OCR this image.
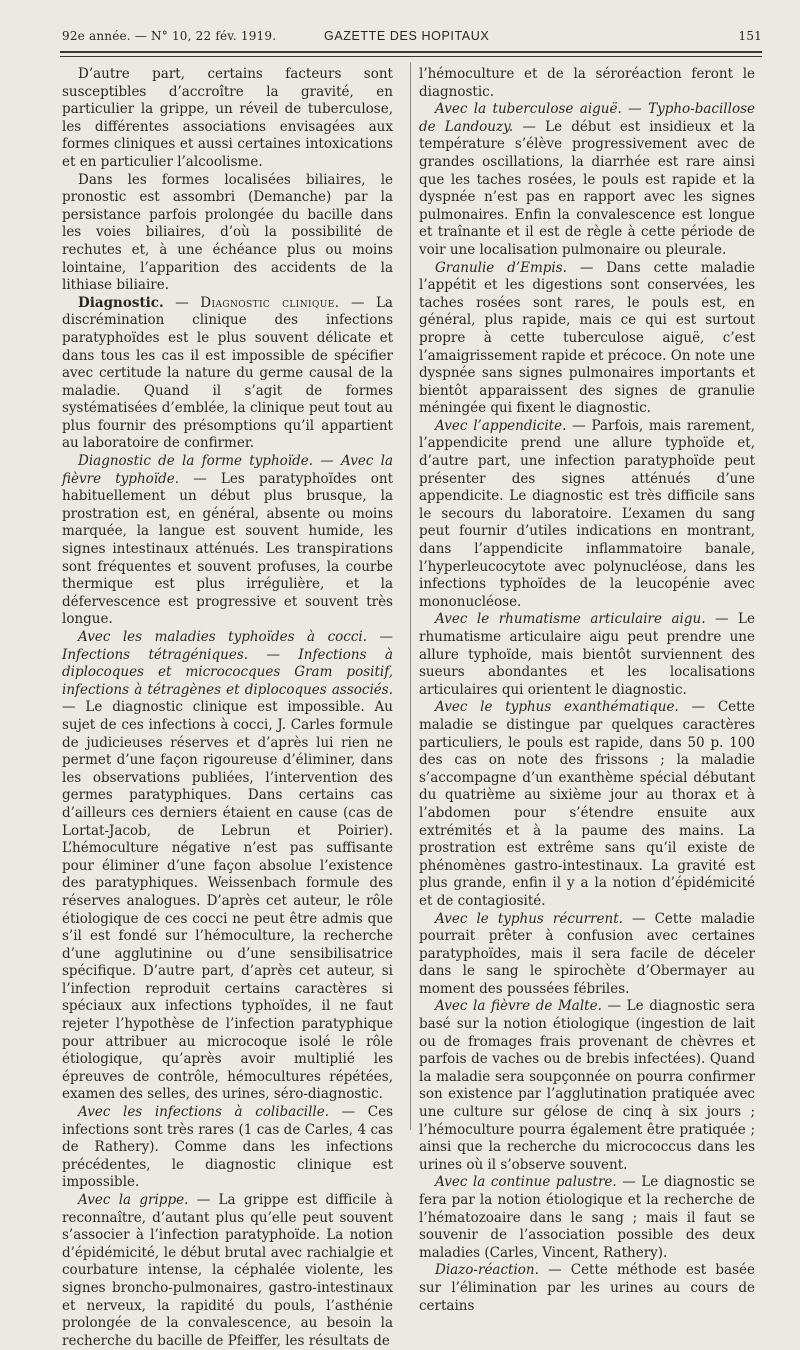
92e année. — N° 10, 22 fév. 1919.	GAZETTE DES HOPITAUX	151

D’autre part, certains facteurs sont susceptibles d’accroître la gravité, en particulier la grippe, un réveil de tuberculose, les différentes associations envisagées aux formes cliniques et aussi certaines intoxications et en particulier l’alcoolisme.

Dans les formes localisées biliaires, le pronostic est assombri (Demanche) par la persistance parfois prolongée du bacille dans les voies biliaires, d’où la possibilité de rechutes et, à une échéance plus ou moins lointaine, l’apparition des accidents de la lithiase biliaire.

Diagnostic. — Diagnostic clinique. — La discrémination clinique des infections paratyphoïdes est le plus souvent délicate et dans tous les cas il est impossible de spécifier avec certitude la nature du germe causal de la maladie. Quand il s’agit de formes systématisées d’emblée, la clinique peut tout au plus fournir des présomptions qu’il appartient au laboratoire de confirmer.

Diagnostic de la forme typhoïde. — Avec la fièvre typhoïde. — Les paratyphoïdes ont habituellement un début plus brusque, la prostration est, en général, absente ou moins marquée, la langue est souvent humide, les signes intestinaux atténués. Les transpirations sont fréquentes et souvent profuses, la courbe thermique est plus irrégulière, et la défervescence est progressive et souvent très longue.

Avec les maladies typhoïdes à cocci. — Infections tétragéniques. — Infections à diplocoques et micrococques Gram positif, infections à tétragènes et diplocoques associés. — Le diagnostic clinique est impossible. Au sujet de ces infections à cocci, J. Carles formule de judicieuses réserves et d’après lui rien ne permet d’une façon rigoureuse d’éliminer, dans les observations publiées, l’intervention des germes paratyphiques. Dans certains cas d’ailleurs ces derniers étaient en cause (cas de Lortat-Jacob, de Lebrun et Poirier). L’hémoculture négative n’est pas suffisante pour éliminer d’une façon absolue l’existence des paratyphiques. Weissenbach formule des réserves analogues. D’après cet auteur, le rôle étiologique de ces cocci ne peut être admis que s’il est fondé sur l’hémoculture, la recherche d’une agglutinine ou d’une sensibilisatrice spécifique. D’autre part, d’après cet auteur, si l’infection reproduit certains caractères si spéciaux aux infections typhoïdes, il ne faut rejeter l’hypothèse de l’infection paratyphique pour attribuer au microcoque isolé le rôle étiologique, qu’après avoir multiplié les épreuves de contrôle, hémocultures répétées, examen des selles, des urines, séro-diagnostic.

Avec les infections à colibacille. — Ces infections sont très rares (1 cas de Carles, 4 cas de Rathery). Comme dans les infections précédentes, le diagnostic clinique est impossible.

Avec la grippe. — La grippe est difficile à reconnaître, d’autant plus qu’elle peut souvent s’associer à l’infection paratyphoïde. La notion d’épidémicité, le début brutal avec rachialgie et courbature intense, la céphalée violente, les signes broncho-pulmonaires, gastro-intestinaux et nerveux, la rapidité du pouls, l’asthénie prolongée de la convalescence, au besoin la recherche du bacille de Pfeiffer, les résultats de

l’hémoculture et de la séroréaction feront le diagnostic.

Avec la tuberculose aiguë. — Typho-bacillose de Landouzy. — Le début est insidieux et la température s’élève progressivement avec de grandes oscillations, la diarrhée est rare ainsi que les taches rosées, le pouls est rapide et la dyspnée n’est pas en rapport avec les signes pulmonaires. Enfin la convalescence est longue et traînante et il est de règle à cette période de voir une localisation pulmonaire ou pleurale.

Granulie d’Empis. — Dans cette maladie l’appétit et les digestions sont conservées, les taches rosées sont rares, le pouls est, en général, plus rapide, mais ce qui est surtout propre à cette tuberculose aiguë, c’est l’amaigrissement rapide et précoce. On note une dyspnée sans signes pulmonaires importants et bientôt apparaissent des signes de granulie méningée qui fixent le diagnostic.

Avec l’appendicite. — Parfois, mais rarement, l’appendicite prend une allure typhoïde et, d’autre part, une infection paratyphoïde peut présenter des signes atténués d’une appendicite. Le diagnostic est très difficile sans le secours du laboratoire. L’examen du sang peut fournir d’utiles indications en montrant, dans l’appendicite inflammatoire banale, l’hyperleucocytote avec polynucléose, dans les infections typhoïdes de la leucopénie avec mononucléose.

Avec le rhumatisme articulaire aigu. — Le rhumatisme articulaire aigu peut prendre une allure typhoïde, mais bientôt surviennent des sueurs abondantes et les localisations articulaires qui orientent le diagnostic.

Avec le typhus exanthématique. — Cette maladie se distingue par quelques caractères particuliers, le pouls est rapide, dans 50 p. 100 des cas on note des frissons ; la maladie s’accompagne d’un exanthème spécial débutant du quatrième au sixième jour au thorax et à l’abdomen pour s’étendre ensuite aux extrémités et à la paume des mains. La prostration est extrême sans qu’il existe de phénomènes gastro-intestinaux. La gravité est plus grande, enfin il y a la notion d’épidémicité et de contagiosité.

Avec le typhus récurrent. — Cette maladie pourrait prêter à confusion avec certaines paratyphoïdes, mais il sera facile de déceler dans le sang le spirochète d’Obermayer au moment des poussées fébriles.

Avec la fièvre de Malte. — Le diagnostic sera basé sur la notion étiologique (ingestion de lait ou de fromages frais provenant de chèvres et parfois de vaches ou de brebis infectées). Quand la maladie sera soupçonnée on pourra confirmer son existence par l’agglutination pratiquée avec une culture sur gélose de cinq à six jours ; l’hémoculture pourra également être pratiquée ; ainsi que la recherche du micrococcus dans les urines où il s’observe souvent.

Avec la continue palustre. — Le diagnostic se fera par la notion étiologique et la recherche de l’hématozoaire dans le sang ; mais il faut se souvenir de l’association possible des deux maladies (Carles, Vincent, Rathery).

Diazo-réaction. — Cette méthode est basée sur l’élimination par les urines au cours de certains
